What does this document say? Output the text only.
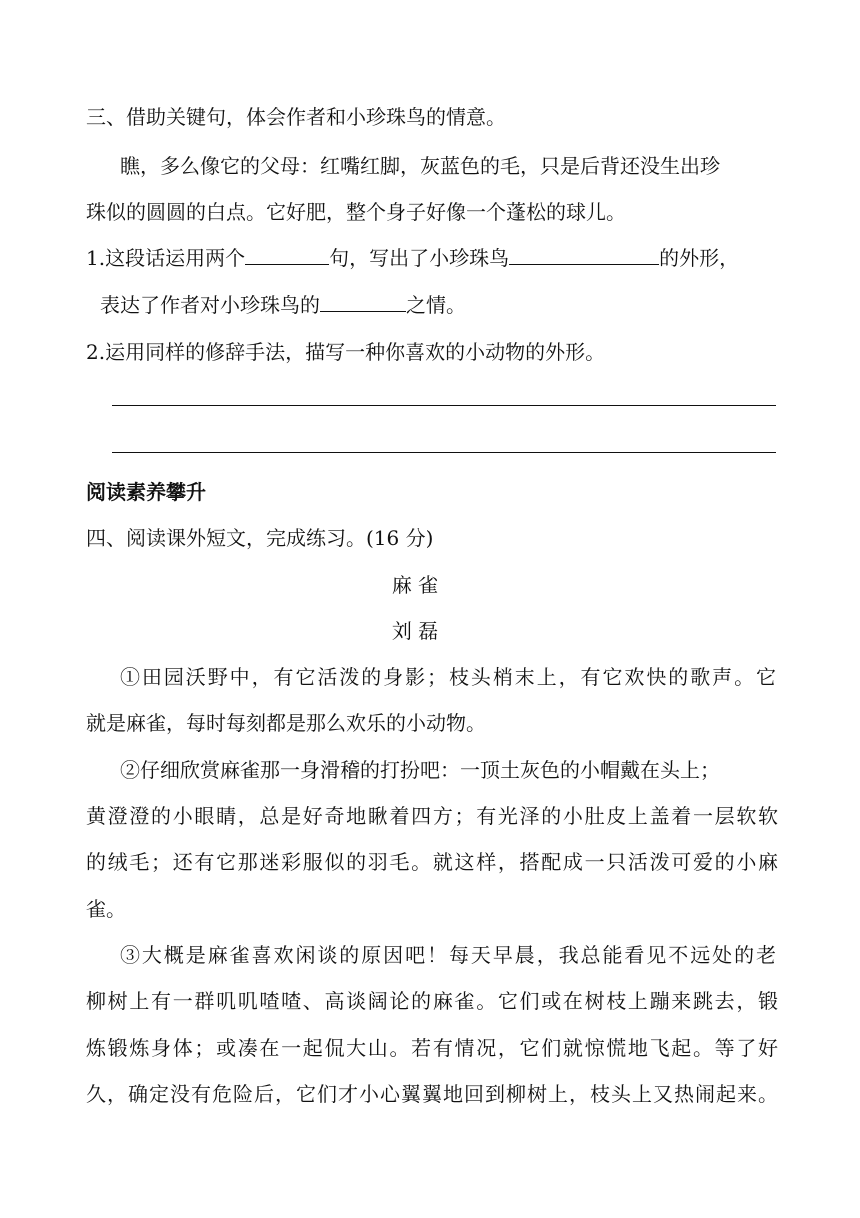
三、借助关键句，体会作者和小珍珠鸟的情意。
瞧，多么像它的父母：红嘴红脚，灰蓝色的毛，只是后背还没生出珍
珠似的圆圆的白点。它好肥，整个身子好像一个蓬松的球儿。
1.这段话运用两个	句，写出了小珍珠鸟	的外形，
表达了作者对小珍珠鸟的	之情。
2.运用同样的修辞手法，描写一种你喜欢的小动物的外形。
阅读素养攀升
四、阅读课外短文，完成练习。(16 分)
麻 雀
刘 磊
①田园沃野中，有它活泼的身影；枝头梢末上，有它欢快的歌声。它
就是麻雀，每时每刻都是那么欢乐的小动物。
②仔细欣赏麻雀那一身滑稽的打扮吧：一顶土灰色的小帽戴在头上；
黄澄澄的小眼睛，总是好奇地瞅着四方；有光泽的小肚皮上盖着一层软软
的绒毛；还有它那迷彩服似的羽毛。就这样，搭配成一只活泼可爱的小麻
雀。
③大概是麻雀喜欢闲谈的原因吧！每天早晨，我总能看见不远处的老
柳树上有一群叽叽喳喳、高谈阔论的麻雀。它们或在树枝上蹦来跳去，锻
炼锻炼身体；或凑在一起侃大山。若有情况，它们就惊慌地飞起。等了好
久，确定没有危险后，它们才小心翼翼地回到柳树上，枝头上又热闹起来。
